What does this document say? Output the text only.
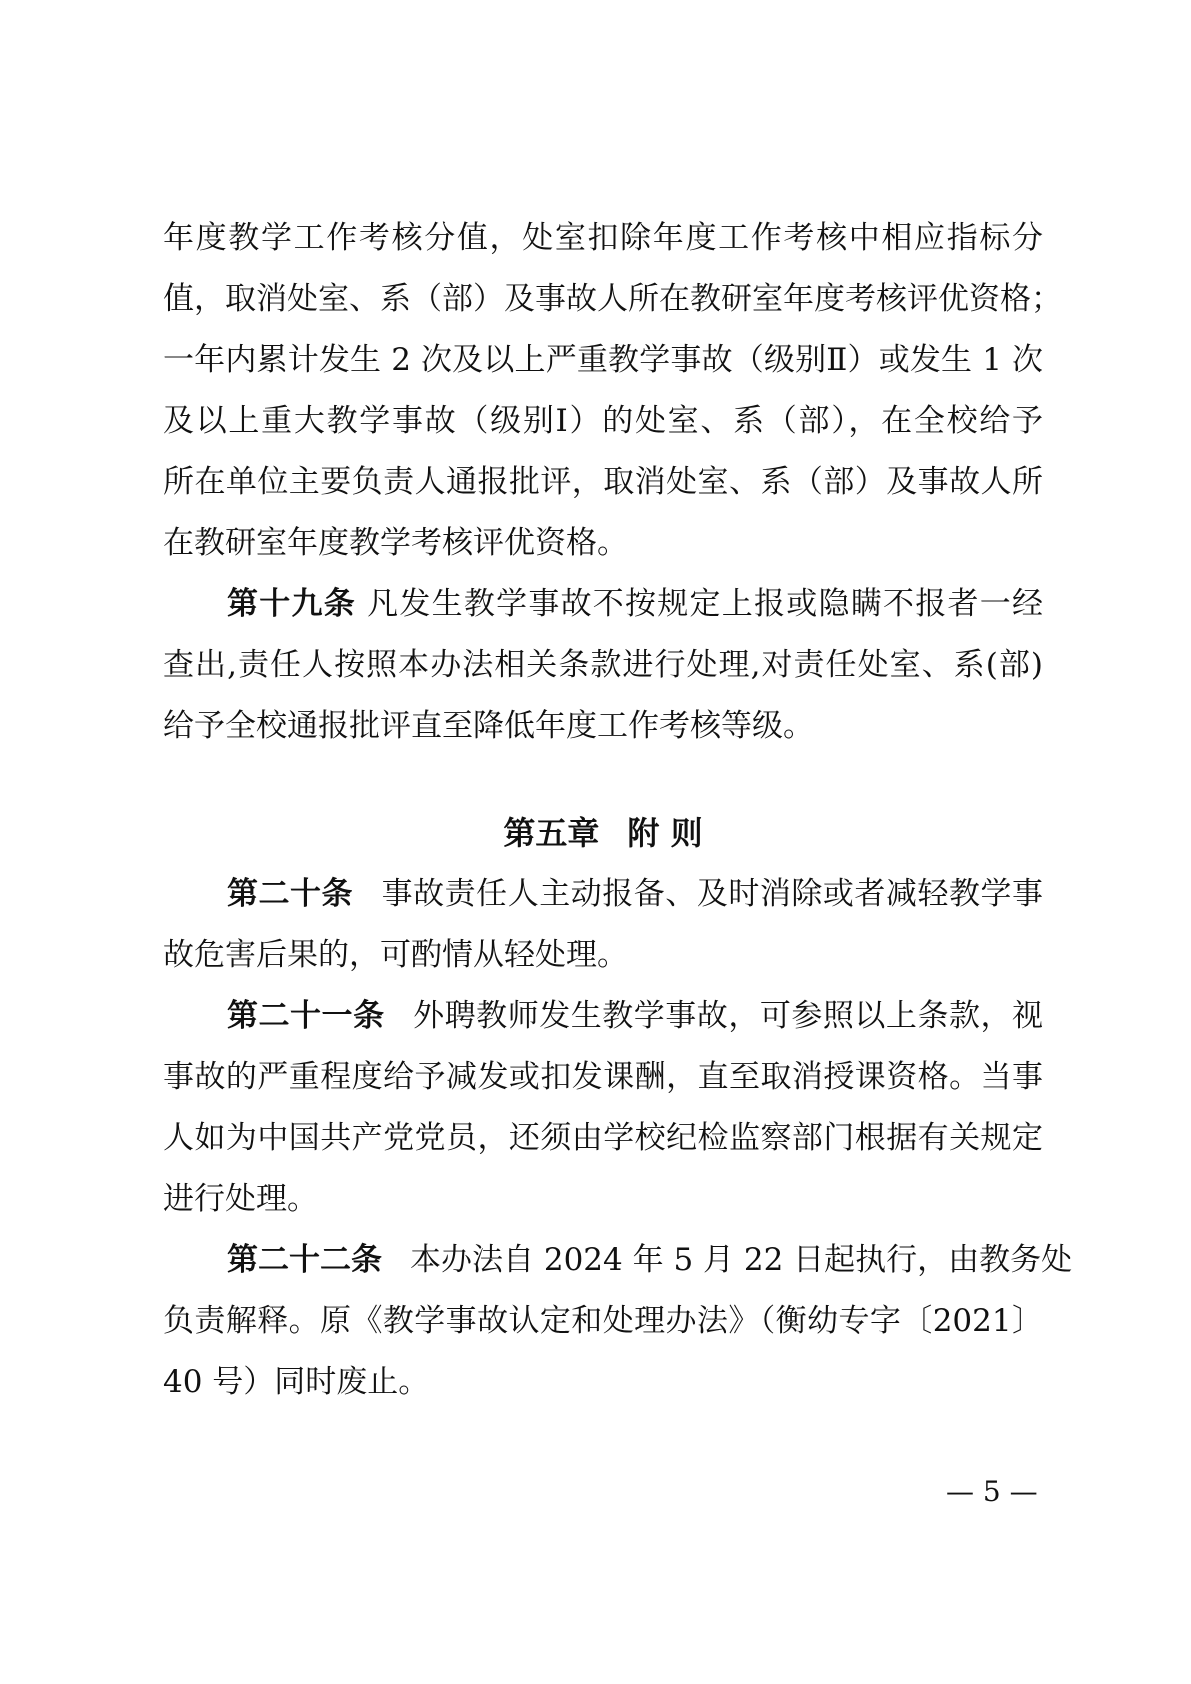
年度教学工作考核分值，处室扣除年度工作考核中相应指标分
值，取消处室、系（部）及事故人所在教研室年度考核评优资格；
一年内累计发生 2 次及以上严重教学事故（级别Ⅱ）或发生 1 次
及以上重大教学事故（级别Ⅰ）的处室、系（部），在全校给予
所在单位主要负责人通报批评，取消处室、系（部）及事故人所
在教研室年度教学考核评优资格。
第十九条 凡发生教学事故不按规定上报或隐瞒不报者一经
查出,责任人按照本办法相关条款进行处理,对责任处室、系(部)
给予全校通报批评直至降低年度工作考核等级。
第五章 附 则
第二十条 事故责任人主动报备、及时消除或者减轻教学事
故危害后果的，可酌情从轻处理。
第二十一条 外聘教师发生教学事故，可参照以上条款，视
事故的严重程度给予减发或扣发课酬，直至取消授课资格。当事
人如为中国共产党党员，还须由学校纪检监察部门根据有关规定
进行处理。
第二十二条 本办法自 2024 年 5 月 22 日起执行，由教务处
负责解释。原《教学事故认定和处理办法》（衡幼专字〔2021〕
40 号）同时废止。
— 5 —
